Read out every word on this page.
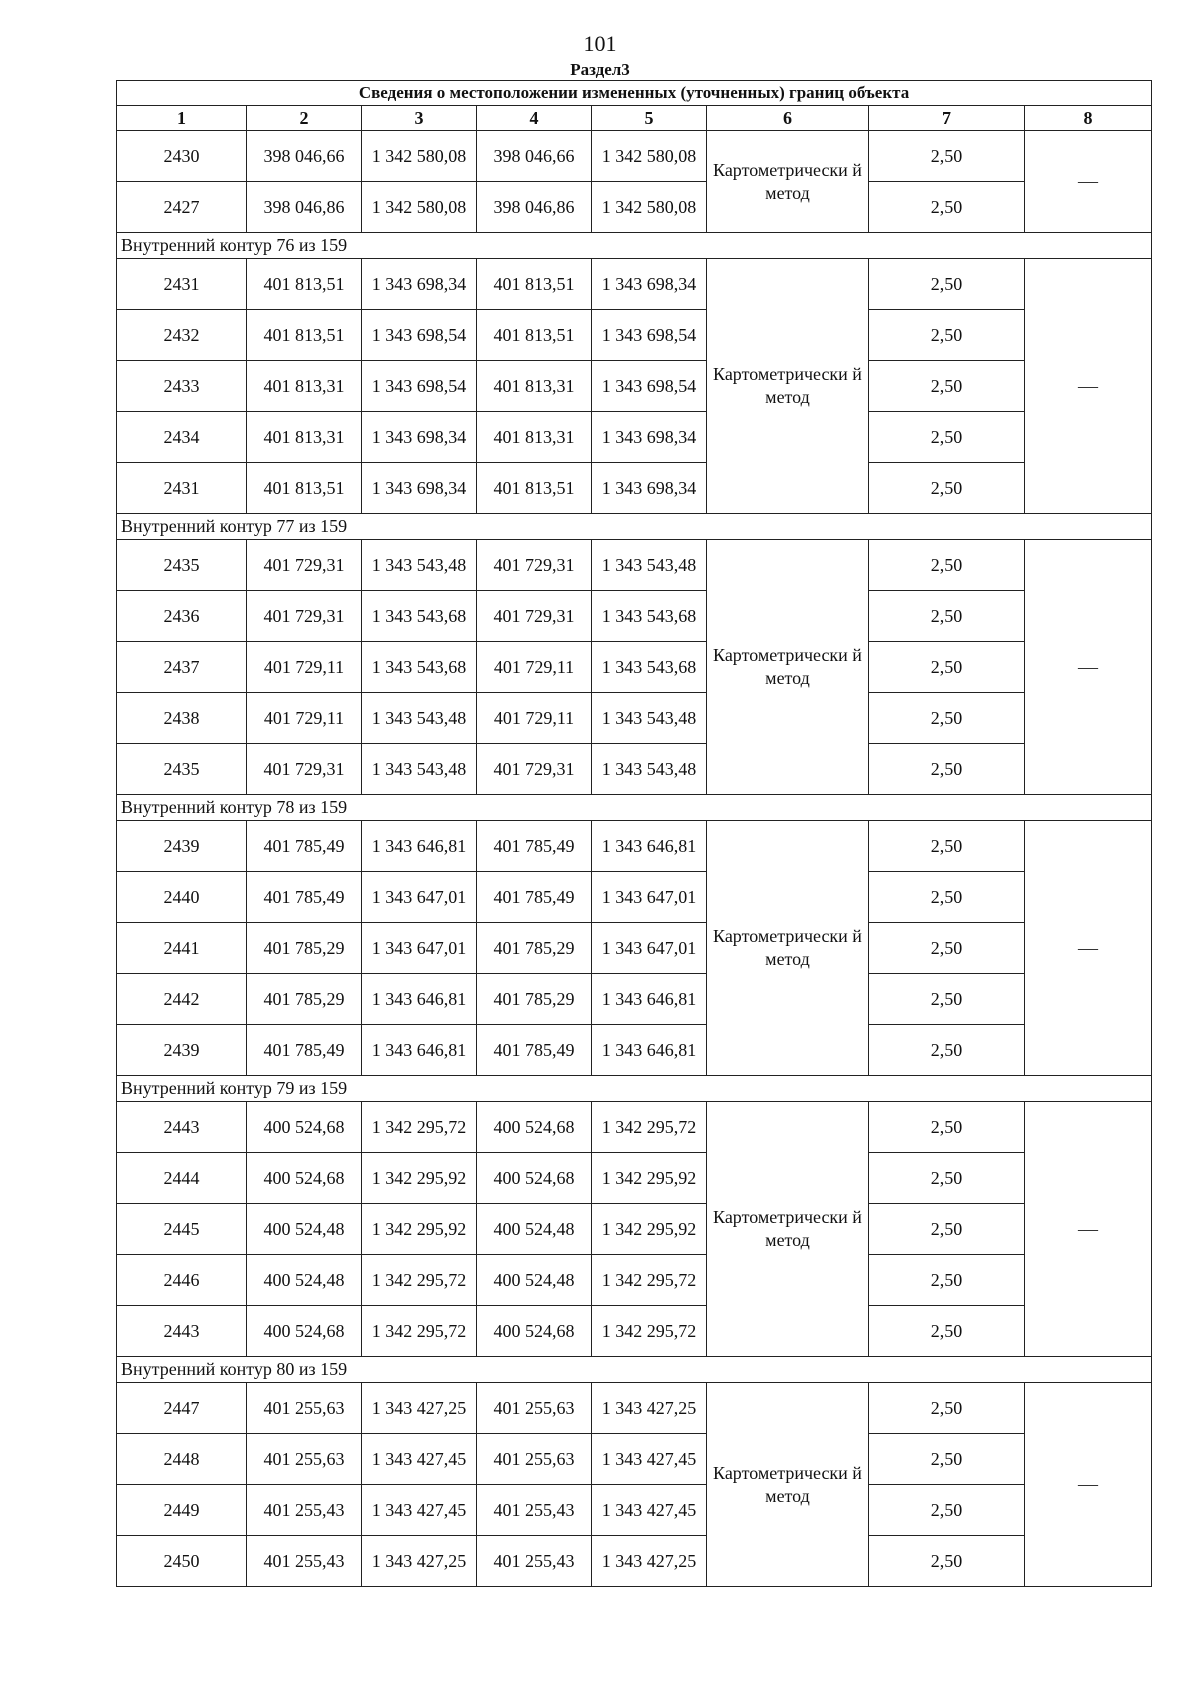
101
Раздел3
Сведения о местоположении измененных (уточненных) границ объекта							
1	2	3	4	5	6	7	8
2430	398 046,66	1 342 580,08	398 046,66	1 342 580,08	Картометрически й метод	2,50	—
2427	398 046,86	1 342 580,08	398 046,86	1 342 580,08		2,50	
Внутренний контур 76 из 159							
2431	401 813,51	1 343 698,34	401 813,51	1 343 698,34	Картометрически й метод	2,50	—
2432	401 813,51	1 343 698,54	401 813,51	1 343 698,54		2,50	
2433	401 813,31	1 343 698,54	401 813,31	1 343 698,54		2,50	
2434	401 813,31	1 343 698,34	401 813,31	1 343 698,34		2,50	
2431	401 813,51	1 343 698,34	401 813,51	1 343 698,34		2,50	
Внутренний контур 77 из 159							
2435	401 729,31	1 343 543,48	401 729,31	1 343 543,48	Картометрически й метод	2,50	—
2436	401 729,31	1 343 543,68	401 729,31	1 343 543,68		2,50	
2437	401 729,11	1 343 543,68	401 729,11	1 343 543,68		2,50	
2438	401 729,11	1 343 543,48	401 729,11	1 343 543,48		2,50	
2435	401 729,31	1 343 543,48	401 729,31	1 343 543,48		2,50	
Внутренний контур 78 из 159							
2439	401 785,49	1 343 646,81	401 785,49	1 343 646,81	Картометрически й метод	2,50	—
2440	401 785,49	1 343 647,01	401 785,49	1 343 647,01		2,50	
2441	401 785,29	1 343 647,01	401 785,29	1 343 647,01		2,50	
2442	401 785,29	1 343 646,81	401 785,29	1 343 646,81		2,50	
2439	401 785,49	1 343 646,81	401 785,49	1 343 646,81		2,50	
Внутренний контур 79 из 159							
2443	400 524,68	1 342 295,72	400 524,68	1 342 295,72	Картометрически й метод	2,50	—
2444	400 524,68	1 342 295,92	400 524,68	1 342 295,92		2,50	
2445	400 524,48	1 342 295,92	400 524,48	1 342 295,92		2,50	
2446	400 524,48	1 342 295,72	400 524,48	1 342 295,72		2,50	
2443	400 524,68	1 342 295,72	400 524,68	1 342 295,72		2,50	
Внутренний контур 80 из 159							
2447	401 255,63	1 343 427,25	401 255,63	1 343 427,25	Картометрически й метод	2,50	—
2448	401 255,63	1 343 427,45	401 255,63	1 343 427,45		2,50	
2449	401 255,43	1 343 427,45	401 255,43	1 343 427,45		2,50	
2450	401 255,43	1 343 427,25	401 255,43	1 343 427,25		2,50	
